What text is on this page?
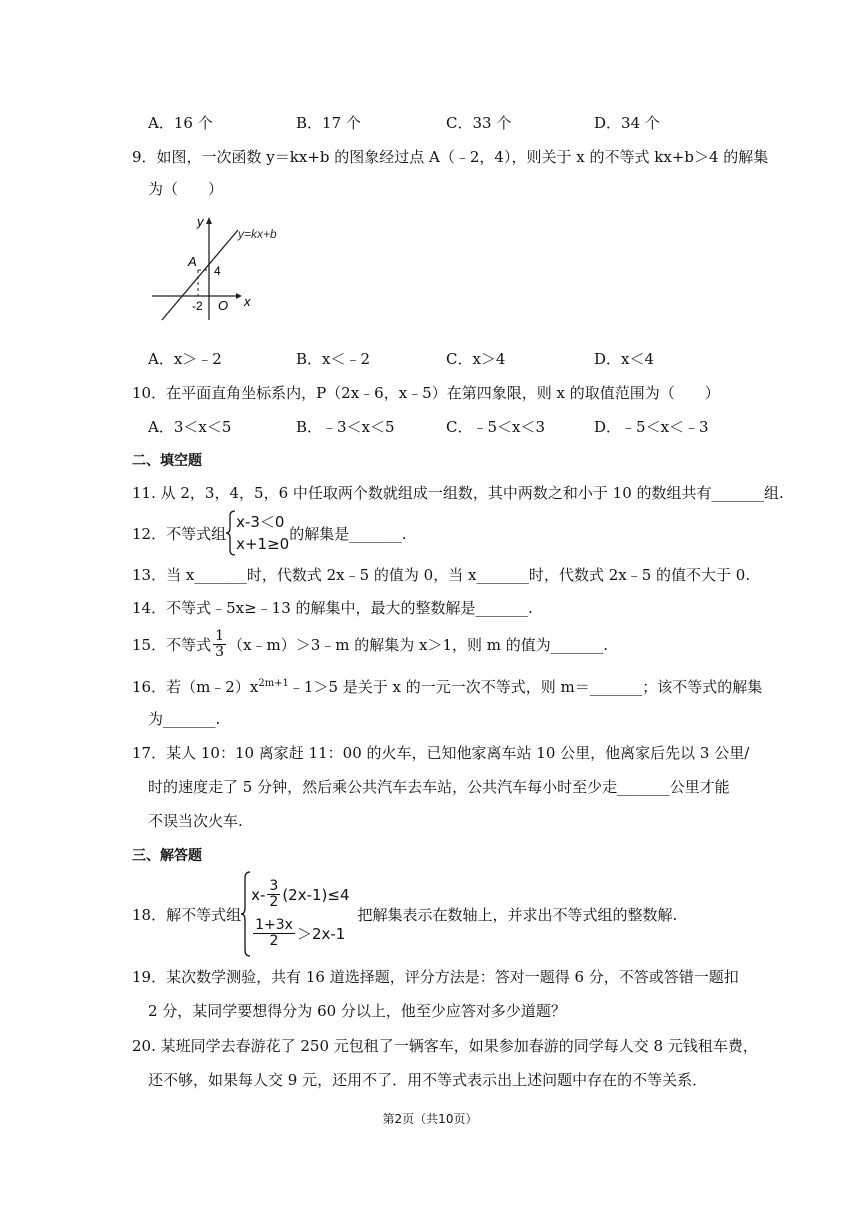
A．16 个	B．17 个	C．33 个	D．34 个
9．如图，一次函数 y＝kx+b 的图象经过点 A（﹣2，4），则关于 x 的不等式 kx+b＞4 的解集
为（　　）
y
y=kx+b
A
4
-2 O x
A．x＞﹣2	B．x＜﹣2	C．x＞4	D．x＜4
10．在平面直角坐标系内，P（2x﹣6，x﹣5）在第四象限，则 x 的取值范围为（　　）
A．3＜x＜5	B．﹣3＜x＜5	C．﹣5＜x＜3	D．﹣5＜x＜﹣3
二、填空题
11. 从 2，3，4，5，6 中任取两个数就组成一组数，其中两数之和小于 10 的数组共有_______组.
12．不等式组
x-3＜0
x+1≥0
的解集是_______.
13．当 x_______时，代数式 2x﹣5 的值为 0，当 x_______时，代数式 2x﹣5 的值不大于 0.
14．不等式﹣5x≥﹣13 的解集中，最大的整数解是_______.
15．不等式 $\frac{1}{3}$ （x﹣m）＞3﹣m 的解集为 x＞1，则 m 的值为_______.
16．若$(m﹣2)x^{2m+1}﹣1>5$ 是关于 x 的一元一次不等式，则 m＝_______；该不等式的解集
为_______.
17．某人 10：10 离家赶 11：00 的火车，已知他家离车站 10 公里，他离家后先以 3 公里/
时的速度走了 5 分钟，然后乘公共汽车去车站，公共汽车每小时至少走_______公里才能
不误当次火车.
三、解答题
18．解不等式组
$x- \frac{3}{2} (2x-1)\le 4$
$\frac{1+3x}{2} >2x-1$
把解集表示在数轴上，并求出不等式组的整数解.
19．某次数学测验，共有 16 道选择题，评分方法是：答对一题得 6 分，不答或答错一题扣
2 分，某同学要想得分为 60 分以上，他至少应答对多少道题？
20. 某班同学去春游花了 250 元包租了一辆客车，如果参加春游的同学每人交 8 元钱租车费，
还不够，如果每人交 9 元，还用不了．用不等式表示出上述问题中存在的不等关系．
第2页（共10页）
